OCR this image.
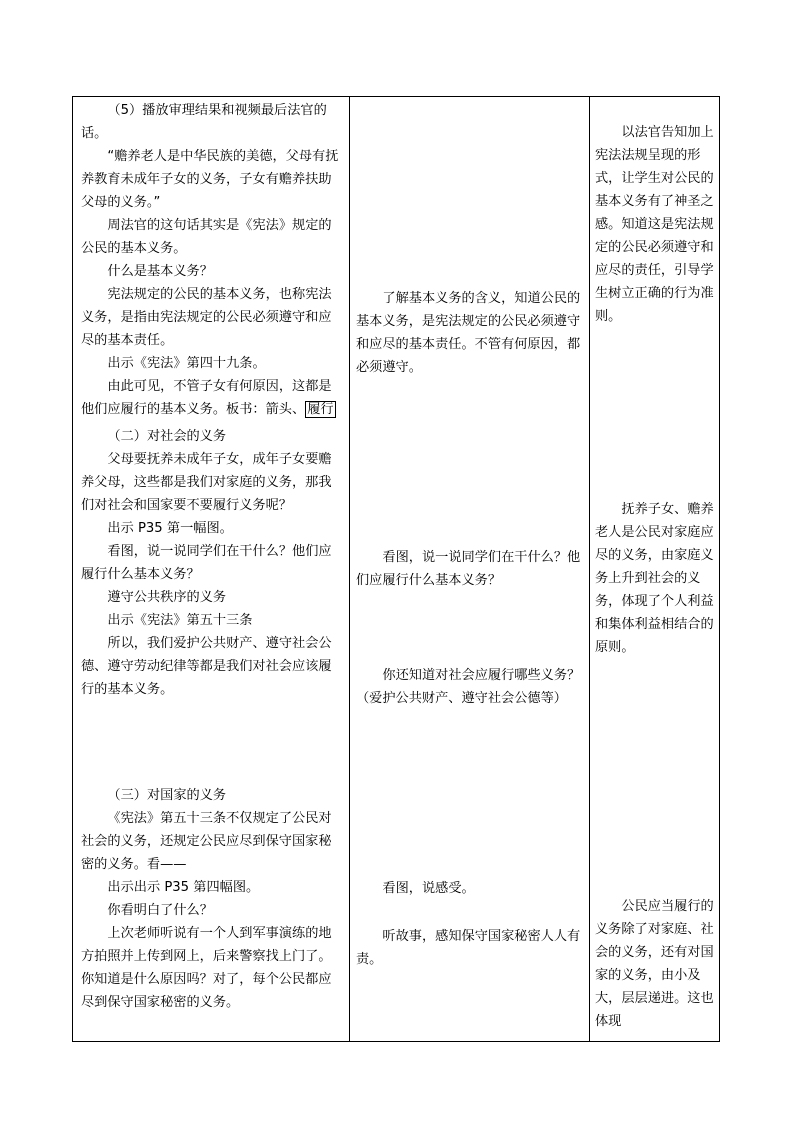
（5）播放审理结果和视频最后法官的话。

“赡养老人是中华民族的美德，父母有抚养教育未成年子女的义务，子女有赡养扶助父母的义务。”

周法官的这句话其实是《宪法》规定的公民的基本义务。

什么是基本义务？

宪法规定的公民的基本义务，也称宪法义务，是指由宪法规定的公民必须遵守和应尽的基本责任。

出示《宪法》第四十九条。

由此可见，不管子女有何原因，这都是他们应履行的基本义务。板书：箭头、 履行

（二）对社会的义务

父母要抚养未成年子女，成年子女要赡养父母，这些都是我们对家庭的义务，那我们对社会和国家要不要履行义务呢？

出示 P35 第一幅图。

看图，说一说同学们在干什么？他们应履行什么基本义务？

遵守公共秩序的义务

出示《宪法》第五十三条

所以，我们爱护公共财产、遵守社会公德、遵守劳动纪律等都是我们对社会应该履行的基本义务。

（三）对国家的义务

《宪法》第五十三条不仅规定了公民对社会的义务，还规定公民应尽到保守国家秘密的义务。看——

出示出示 P35 第四幅图。

你看明白了什么？

上次老师听说有一个人到军事演练的地方拍照并上传到网上，后来警察找上门了。你知道是什么原因吗？对了，每个公民都应尽到保守国家秘密的义务。

了解基本义务的含义，知道公民的基本义务，是宪法规定的公民必须遵守和应尽的基本责任。不管有何原因，都必须遵守。

看图，说一说同学们在干什么？他们应履行什么基本义务？

你还知道对社会应履行哪些义务？（爱护公共财产、遵守社会公德等）

看图，说感受。

听故事，感知保守国家秘密人人有责。

以法官告知加上宪法法规呈现的形式，让学生对公民的基本义务有了神圣之感。知道这是宪法规定的公民必须遵守和应尽的责任，引导学生树立正确的行为准则。

抚养子女、赡养老人是公民对家庭应尽的义务，由家庭义务上升到社会的义务，体现了个人利益和集体利益相结合的原则。

公民应当履行的义务除了对家庭、社会的义务，还有对国家的义务，由小及大，层层递进。这也体现
